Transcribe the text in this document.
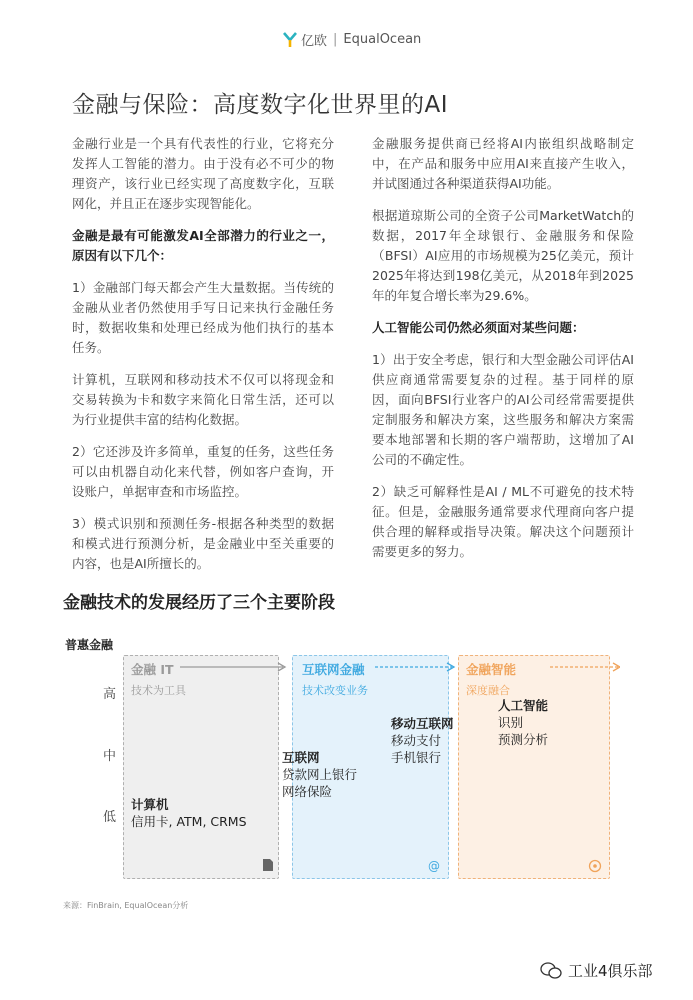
亿欧 | EqualOcean
金融与保险：高度数字化世界里的AI

金融行业是一个具有代表性的行业，它将充分发挥人工智能的潜力。由于没有必不可少的物理资产，该行业已经实现了高度数字化，互联网化，并且正在逐步实现智能化。

金融是最有可能激发AI全部潜力的行业之一，原因有以下几个：

1）金融部门每天都会产生大量数据。当传统的金融从业者仍然使用手写日记来执行金融任务时，数据收集和处理已经成为他们执行的基本任务。

计算机，互联网和移动技术不仅可以将现金和交易转换为卡和数字来简化日常生活，还可以为行业提供丰富的结构化数据。

2）它还涉及许多简单，重复的任务，这些任务可以由机器自动化来代替，例如客户查询，开设账户，单据审查和市场监控。

3）模式识别和预测任务-根据各种类型的数据和模式进行预测分析，是金融业中至关重要的内容，也是AI所擅长的。

金融服务提供商已经将AI内嵌组织战略制定中，在产品和服务中应用AI来直接产生收入，并试图通过各种渠道获得AI功能。

根据道琼斯公司的全资子公司MarketWatch的数据，2017年全球银行、金融服务和保险（BFSI）AI应用的市场规模为25亿美元，预计2025年将达到198亿美元，从2018年到2025年的年复合增长率为29.6%。

人工智能公司仍然必须面对某些问题：

1）出于安全考虑，银行和大型金融公司评估AI供应商通常需要复杂的过程。基于同样的原因，面向BFSI行业客户的AI公司经常需要提供定制服务和解决方案，这些服务和解决方案需要本地部署和长期的客户端帮助，这增加了AI公司的不确定性。

2）缺乏可解释性是AI / ML不可避免的技术特征。但是，金融服务通常要求代理商向客户提供合理的解释或指导决策。解决这个问题预计需要更多的努力。

金融技术的发展经历了三个主要阶段
普惠金融
高
中
低
金融 IT
技术为工具
计算机
信用卡, ATM, CRMS
互联网金融
技术改变业务
互联网
贷款网上银行
网络保险
移动互联网
移动支付
手机银行
@
金融智能
深度融合
人工智能
识别
预测分析
来源：FinBrain, EqualOcean分析
工业4俱乐部
